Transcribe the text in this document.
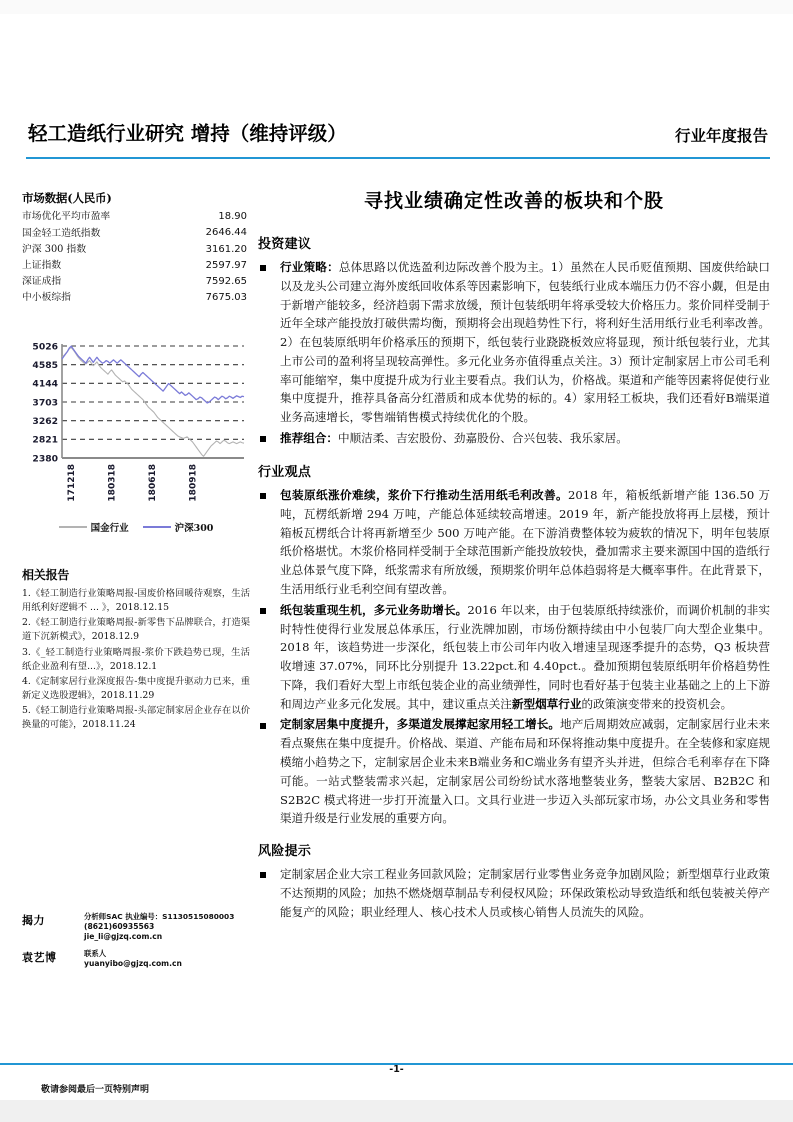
轻工造纸行业研究 增持（维持评级）	行业年度报告
市场数据(人民币)
市场优化平均市盈率	18.90
国金轻工造纸指数	2646.44
沪深 300 指数	3161.20
上证指数	2597.97
深证成指	7592.65
中小板综指	7675.03
2380
2821
3262
3703
4144
4585
5026
171218	180318	180618	180918
国金行业	沪深300
相关报告
1.《轻工制造行业策略周报-国废价格回暖待观察，生活用纸利好逻辑不 ... 》，2018.12.15
2.《轻工制造行业策略周报-新零售下品牌联合，打造渠道下沉新模式》，2018.12.9
3.《_轻工制造行业策略周报-浆价下跌趋势已现，生活纸企业盈利有望...》，2018.12.1
4.《定制家居行业深度报告-集中度提升驱动力已来，重新定义选股逻辑》，2018.11.29
5.《轻工制造行业策略周报-头部定制家居企业存在以价换量的可能》，2018.11.24
揭力	分析师SAC 执业编号：S1130515080003
(8621)60935563
jie_li@gjzq.com.cn
袁艺博	联系人
yuanyibo@gjzq.com.cn
寻找业绩确定性改善的板块和个股
投资建议
行业策略：总体思路以优选盈利边际改善个股为主。1）虽然在人民币贬值预期、国废供给缺口以及龙头公司建立海外废纸回收体系等因素影响下，包装纸行业成本端压力仍不容小觑，但是由于新增产能较多，经济趋弱下需求放缓，预计包装纸明年将承受较大价格压力。浆价同样受制于近年全球产能投放打破供需均衡，预期将会出现趋势性下行，将利好生活用纸行业毛利率改善。2）在包装原纸明年价格承压的预期下，纸包装行业跷跷板效应将显现，预计纸包装行业，尤其上市公司的盈利将呈现较高弹性。多元化业务亦值得重点关注。3）预计定制家居上市公司毛利率可能缩窄，集中度提升成为行业主要看点。我们认为，价格战。渠道和产能等因素将促使行业集中度提升，推荐具备高分红潜质和成本优势的标的。4）家用轻工板块，我们还看好B端渠道业务高速增长，零售端销售模式持续优化的个股。
推荐组合：中顺洁柔、吉宏股份、劲嘉股份、合兴包装、我乐家居。
行业观点
包装原纸涨价难续，浆价下行推动生活用纸毛利改善。2018 年，箱板纸新增产能 136.50 万吨，瓦楞纸新增 294 万吨，产能总体延续较高增速。2019 年，新产能投放将再上层楼，预计箱板瓦楞纸合计将再新增至少 500 万吨产能。在下游消费整体较为疲软的情况下，明年包装原纸价格堪忧。木浆价格同样受制于全球范围新产能投放较快，叠加需求主要来源国中国的造纸行业总体景气度下降，纸浆需求有所放缓，预期浆价明年总体趋弱将是大概率事件。在此背景下，生活用纸行业毛利空间有望改善。
纸包装重现生机，多元业务助增长。2016 年以来，由于包装原纸持续涨价，而调价机制的非实时特性使得行业发展总体承压，行业洗牌加剧，市场份额持续由中小包装厂向大型企业集中。2018 年，该趋势进一步深化，纸包装上市公司年内收入增速呈现逐季提升的态势，Q3 板块营收增速 37.07%，同环比分别提升 13.22pct.和 4.40pct.。叠加预期包装原纸明年价格趋势性下降，我们看好大型上市纸包装企业的高业绩弹性，同时也看好基于包装主业基础之上的上下游和周边产业多元化发展。其中，建议重点关注新型烟草行业的政策演变带来的投资机会。
定制家居集中度提升，多渠道发展撑起家用轻工增长。地产后周期效应减弱，定制家居行业未来看点聚焦在集中度提升。价格战、渠道、产能布局和环保将推动集中度提升。在全装修和家庭规模缩小趋势之下，定制家居企业未来B端业务和C端业务有望齐头并进，但综合毛利率存在下降可能。一站式整装需求兴起，定制家居公司纷纷试水落地整装业务，整装大家居、B2B2C 和 S2B2C 模式将进一步打开流量入口。文具行业进一步迈入头部玩家市场，办公文具业务和零售渠道升级是行业发展的重要方向。
风险提示
定制家居企业大宗工程业务回款风险；定制家居行业零售业务竞争加剧风险；新型烟草行业政策不达预期的风险；加热不燃烧烟草制品专利侵权风险；环保政策松动导致造纸和纸包装被关停产能复产的风险；职业经理人、核心技术人员或核心销售人员流失的风险。
-1-
敬请参阅最后一页特别声明
